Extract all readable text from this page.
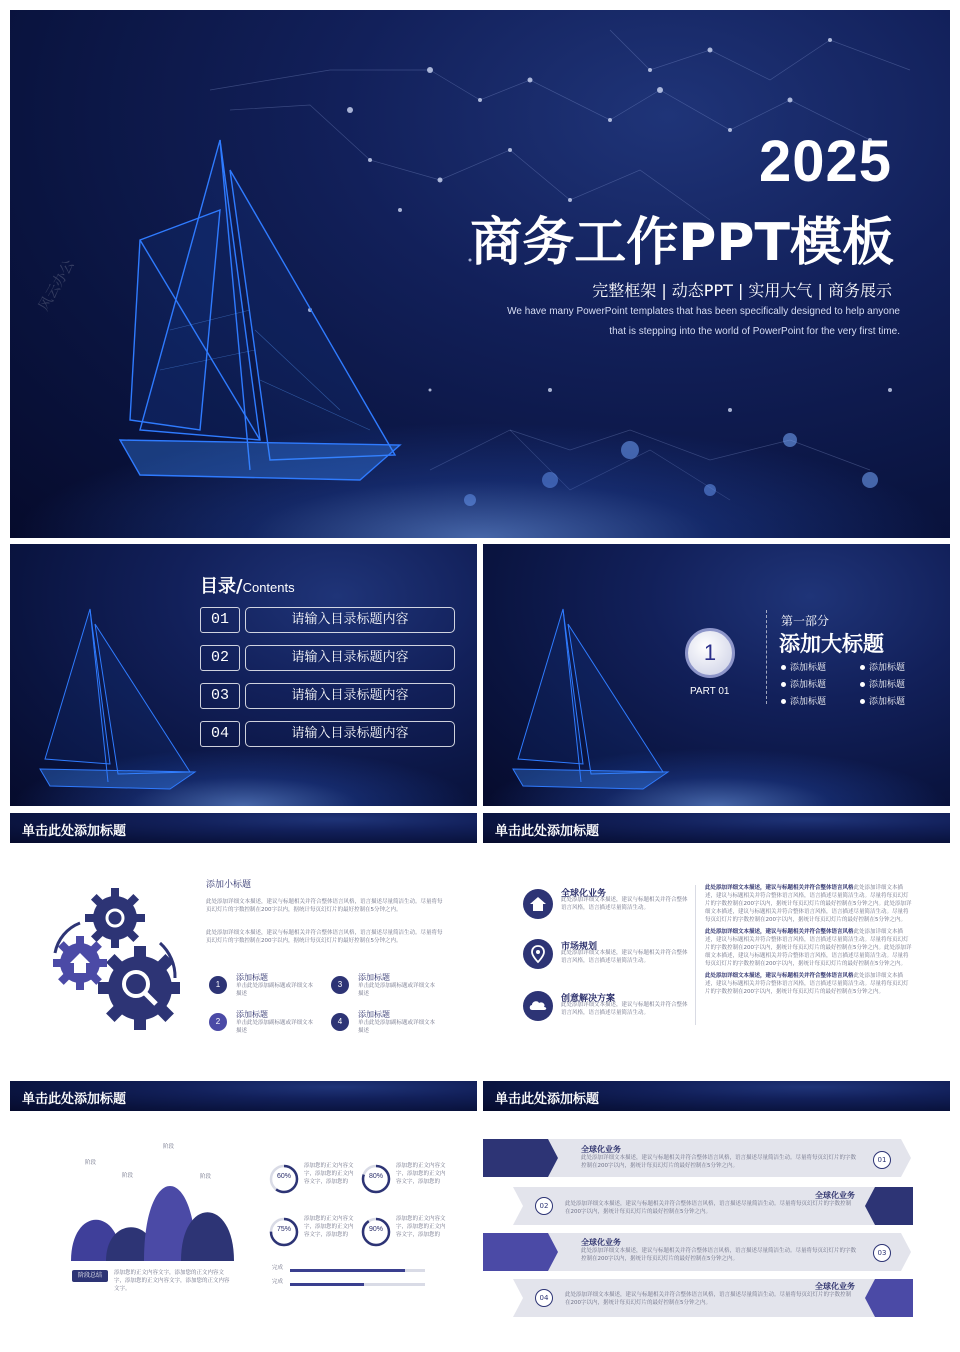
风云办公
2025
商务工作PPT模板
完整框架 | 动态PPT | 实用大气 | 商务展示
We have many PowerPoint templates that has been specifically designed to help anyone
that is stepping into the world of PowerPoint for the very first time.
目录/Contents
01	请输入目录标题内容
02	请输入目录标题内容
03	请输入目录标题内容
04	请输入目录标题内容
1
PART 01
第一部分
添加大标题
添加标题
添加标题
添加标题
添加标题
添加标题
添加标题
单击此处添加标题
添加小标题
此处添加详细文本描述，建议与标题相关并符合整体语言风格，语言描述尽量简洁生动。尽量将每页幻灯片的字数控制在200字以内，据统计每页幻灯片的最好控制在5分钟之内。
此处添加详细文本描述，建议与标题相关并符合整体语言风格，语言描述尽量简洁生动。尽量将每页幻灯片的字数控制在200字以内，据统计每页幻灯片的最好控制在5分钟之内。
1
添加标题
单击此处添加副标题或详细文本描述
2
添加标题
单击此处添加副标题或详细文本描述
3
添加标题
单击此处添加副标题或详细文本描述
4
添加标题
单击此处添加副标题或详细文本描述
单击此处添加标题
全球化业务
此处添加详细文本描述，建议与标题相关并符合整体语言风格，语言描述尽量简洁生动。
市场规划
此处添加详细文本描述，建议与标题相关并符合整体语言风格，语言描述尽量简洁生动。
创意解决方案
此处添加详细文本描述，建议与标题相关并符合整体语言风格，语言描述尽量简洁生动。
此处添加详细文本描述，建议与标题相关并符合整体语言风格此处添加详细文本描述，建议与标题相关并符合整体语言风格，语言描述尽量简洁生动。尽量将每页幻灯片的字数控制在200字以内，据统计每页幻灯片的最好控制在5分钟之内。此处添加详细文本描述，建议与标题相关并符合整体语言风格，语言描述尽量简洁生动。尽量将每页幻灯片的字数控制在200字以内，据统计每页幻灯片的最好控制在5分钟之内。
此处添加详细文本描述，建议与标题相关并符合整体语言风格此处添加详细文本描述，建议与标题相关并符合整体语言风格，语言描述尽量简洁生动。尽量将每页幻灯片的字数控制在200字以内，据统计每页幻灯片的最好控制在5分钟之内。此处添加详细文本描述，建议与标题相关并符合整体语言风格，语言描述尽量简洁生动。尽量将每页幻灯片的字数控制在200字以内，据统计每页幻灯片的最好控制在5分钟之内。
此处添加详细文本描述，建议与标题相关并符合整体语言风格此处添加详细文本描述，建议与标题相关并符合整体语言风格，语言描述尽量简洁生动。尽量将每页幻灯片的字数控制在200字以内，据统计每页幻灯片的最好控制在5分钟之内。
单击此处添加标题
阶段
阶段
阶段
阶段
阶段总结	添加您的正文内容文字，添加您的正文内容文字，添加您的正文内容文字，添加您的正文内容文字。
60%
添加您的正文内容文字，添加您的正文内容文字，添加您的
80%
添加您的正文内容文字，添加您的正文内容文字，添加您的
75%
添加您的正文内容文字，添加您的正文内容文字，添加您的
90%
添加您的正文内容文字，添加您的正文内容文字，添加您的
完成
完成
单击此处添加标题
01
全球化业务
此处添加详细文本描述，建议与标题相关并符合整体语言风格，语言描述尽量简洁生动。尽量将每页幻灯片的字数控制在200字以内，据统计每页幻灯片的最好控制在5分钟之内。
02
全球化业务
此处添加详细文本描述，建议与标题相关并符合整体语言风格，语言描述尽量简洁生动。尽量将每页幻灯片的字数控制在200字以内，据统计每页幻灯片的最好控制在5分钟之内。
03
全球化业务
此处添加详细文本描述，建议与标题相关并符合整体语言风格，语言描述尽量简洁生动。尽量将每页幻灯片的字数控制在200字以内，据统计每页幻灯片的最好控制在5分钟之内。
04
全球化业务
此处添加详细文本描述，建议与标题相关并符合整体语言风格，语言描述尽量简洁生动。尽量将每页幻灯片的字数控制在200字以内，据统计每页幻灯片的最好控制在5分钟之内。
